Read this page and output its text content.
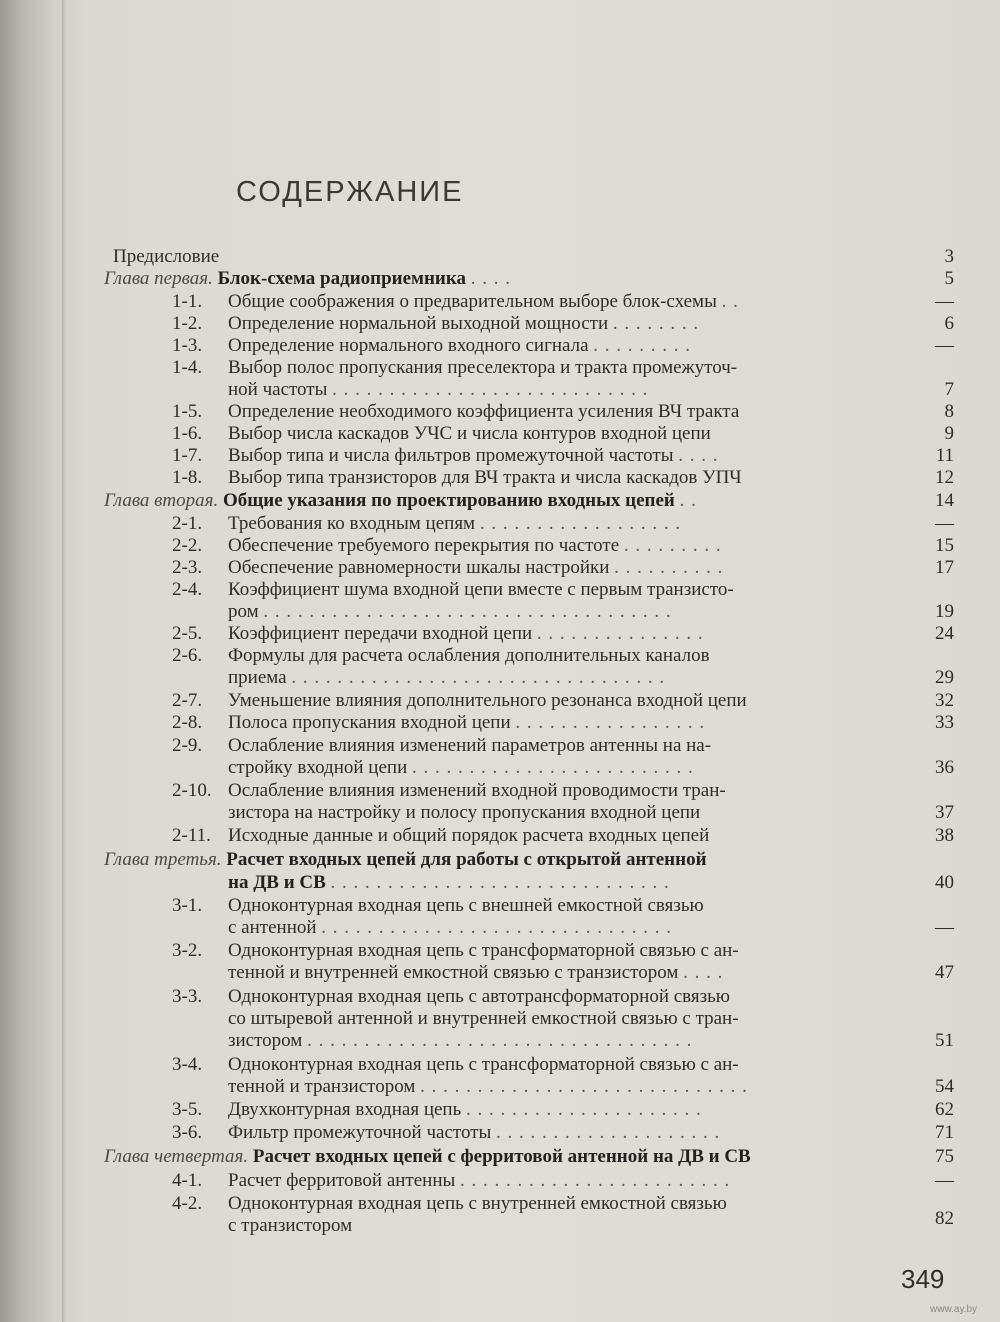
СОДЕРЖАНИЕ
Предисловие	3
Глава первая. Блок-схема радиоприемника . . . .	5
1-1. Общие соображения о предварительном выборе блок-схемы . .	—
1-2. Определение нормальной выходной мощности . . . . . . . .	6
1-3. Определение нормального входного сигнала . . . . . . . . .	—
1-4. Выбор полос пропускания преселектора и тракта промежуточ-
ной частоты . . . . . . . . . . . . . . . . . . . . . . . . . . . .	7
1-5. Определение необходимого коэффициента усиления ВЧ тракта	8
1-6. Выбор числа каскадов УЧС и числа контуров входной цепи	9
1-7. Выбор типа и числа фильтров промежуточной частоты . . . .	11
1-8. Выбор типа транзисторов для ВЧ тракта и числа каскадов УПЧ	12
Глава вторая. Общие указания по проектированию входных цепей . .	14
2-1. Требования ко входным цепям . . . . . . . . . . . . . . . . . .	—
2-2. Обеспечение требуемого перекрытия по частоте . . . . . . . . .	15
2-3. Обеспечение равномерности шкалы настройки . . . . . . . . . .	17
2-4. Коэффициент шума входной цепи вместе с первым транзисто-
ром . . . . . . . . . . . . . . . . . . . . . . . . . . . . . . . . . . . .	19
2-5. Коэффициент передачи входной цепи . . . . . . . . . . . . . . .	24
2-6. Формулы для расчета ослабления дополнительных каналов
приема . . . . . . . . . . . . . . . . . . . . . . . . . . . . . . . . .	29
2-7. Уменьшение влияния дополнительного резонанса входной цепи	32
2-8. Полоса пропускания входной цепи . . . . . . . . . . . . . . . . .	33
2-9. Ослабление влияния изменений параметров антенны на на-
стройку входной цепи . . . . . . . . . . . . . . . . . . . . . . . . .	36
2-10. Ослабление влияния изменений входной проводимости тран-
зистора на настройку и полосу пропускания входной цепи	37
2-11. Исходные данные и общий порядок расчета входных цепей	38
Глава третья. Расчет входных цепей для работы с открытой антенной
на ДВ и СВ . . . . . . . . . . . . . . . . . . . . . . . . . . . . . .	40
3-1. Одноконтурная входная цепь с внешней емкостной связью
с антенной . . . . . . . . . . . . . . . . . . . . . . . . . . . . . . .	—
3-2. Одноконтурная входная цепь с трансформаторной связью с ан-
тенной и внутренней емкостной связью с транзистором . . . .	47
3-3. Одноконтурная входная цепь с автотрансформаторной связью
со штыревой антенной и внутренней емкостной связью с тран-
зистором . . . . . . . . . . . . . . . . . . . . . . . . . . . . . . . . . .	51
3-4. Одноконтурная входная цепь с трансформаторной связью с ан-
тенной и транзистором . . . . . . . . . . . . . . . . . . . . . . . . . . . . .	54
3-5. Двухконтурная входная цепь . . . . . . . . . . . . . . . . . . . . .	62
3-6. Фильтр промежуточной частоты . . . . . . . . . . . . . . . . . . . .	71
Глава четвертая. Расчет входных цепей с ферритовой антенной на ДВ и СВ	75
4-1. Расчет ферритовой антенны . . . . . . . . . . . . . . . . . . . . . . . .	—
4-2. Одноконтурная входная цепь с внутренней емкостной связью
с транзистором	82
349
www.ay.by
